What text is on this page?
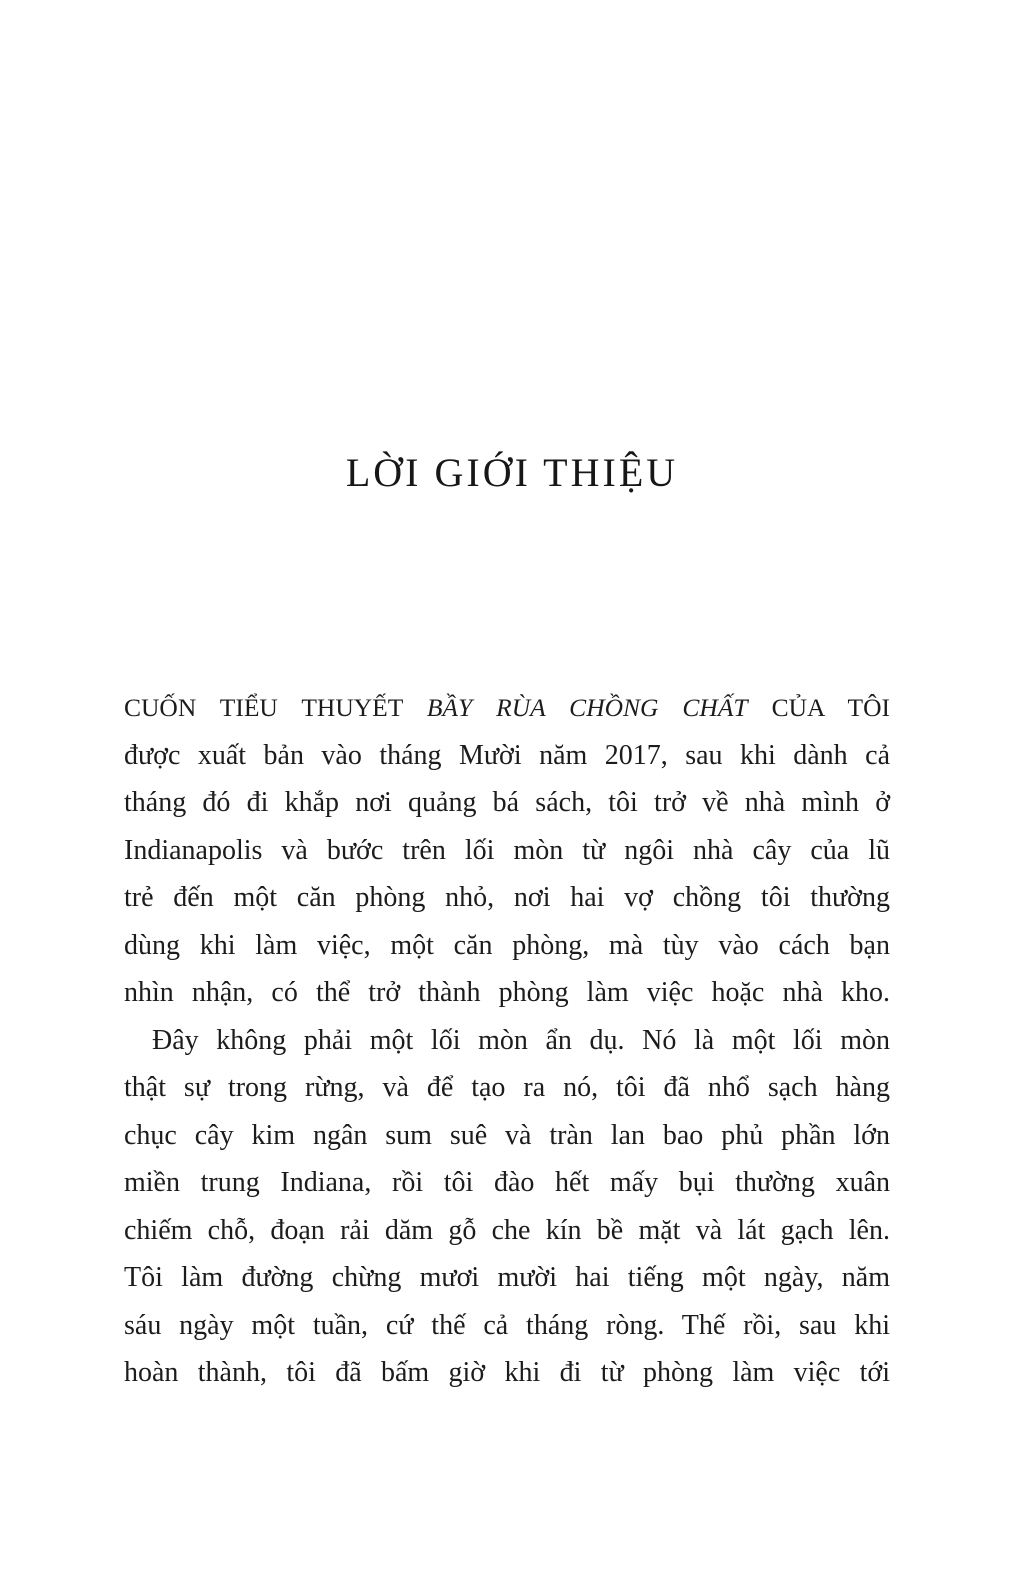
LỜI GIỚI THIỆU
CUỐN TIỂU THUYẾT BẦY RÙA CHỒNG CHẤT CỦA TÔI
được xuất bản vào tháng Mười năm 2017, sau khi dành cả
tháng đó đi khắp nơi quảng bá sách, tôi trở về nhà mình ở
Indianapolis và bước trên lối mòn từ ngôi nhà cây của lũ
trẻ đến một căn phòng nhỏ, nơi hai vợ chồng tôi thường
dùng khi làm việc, một căn phòng, mà tùy vào cách bạn
nhìn nhận, có thể trở thành phòng làm việc hoặc nhà kho.
Đây không phải một lối mòn ẩn dụ. Nó là một lối mòn
thật sự trong rừng, và để tạo ra nó, tôi đã nhổ sạch hàng
chục cây kim ngân sum suê và tràn lan bao phủ phần lớn
miền trung Indiana, rồi tôi đào hết mấy bụi thường xuân
chiếm chỗ, đoạn rải dăm gỗ che kín bề mặt và lát gạch lên.
Tôi làm đường chừng mươi mười hai tiếng một ngày, năm
sáu ngày một tuần, cứ thế cả tháng ròng. Thế rồi, sau khi
hoàn thành, tôi đã bấm giờ khi đi từ phòng làm việc tới
